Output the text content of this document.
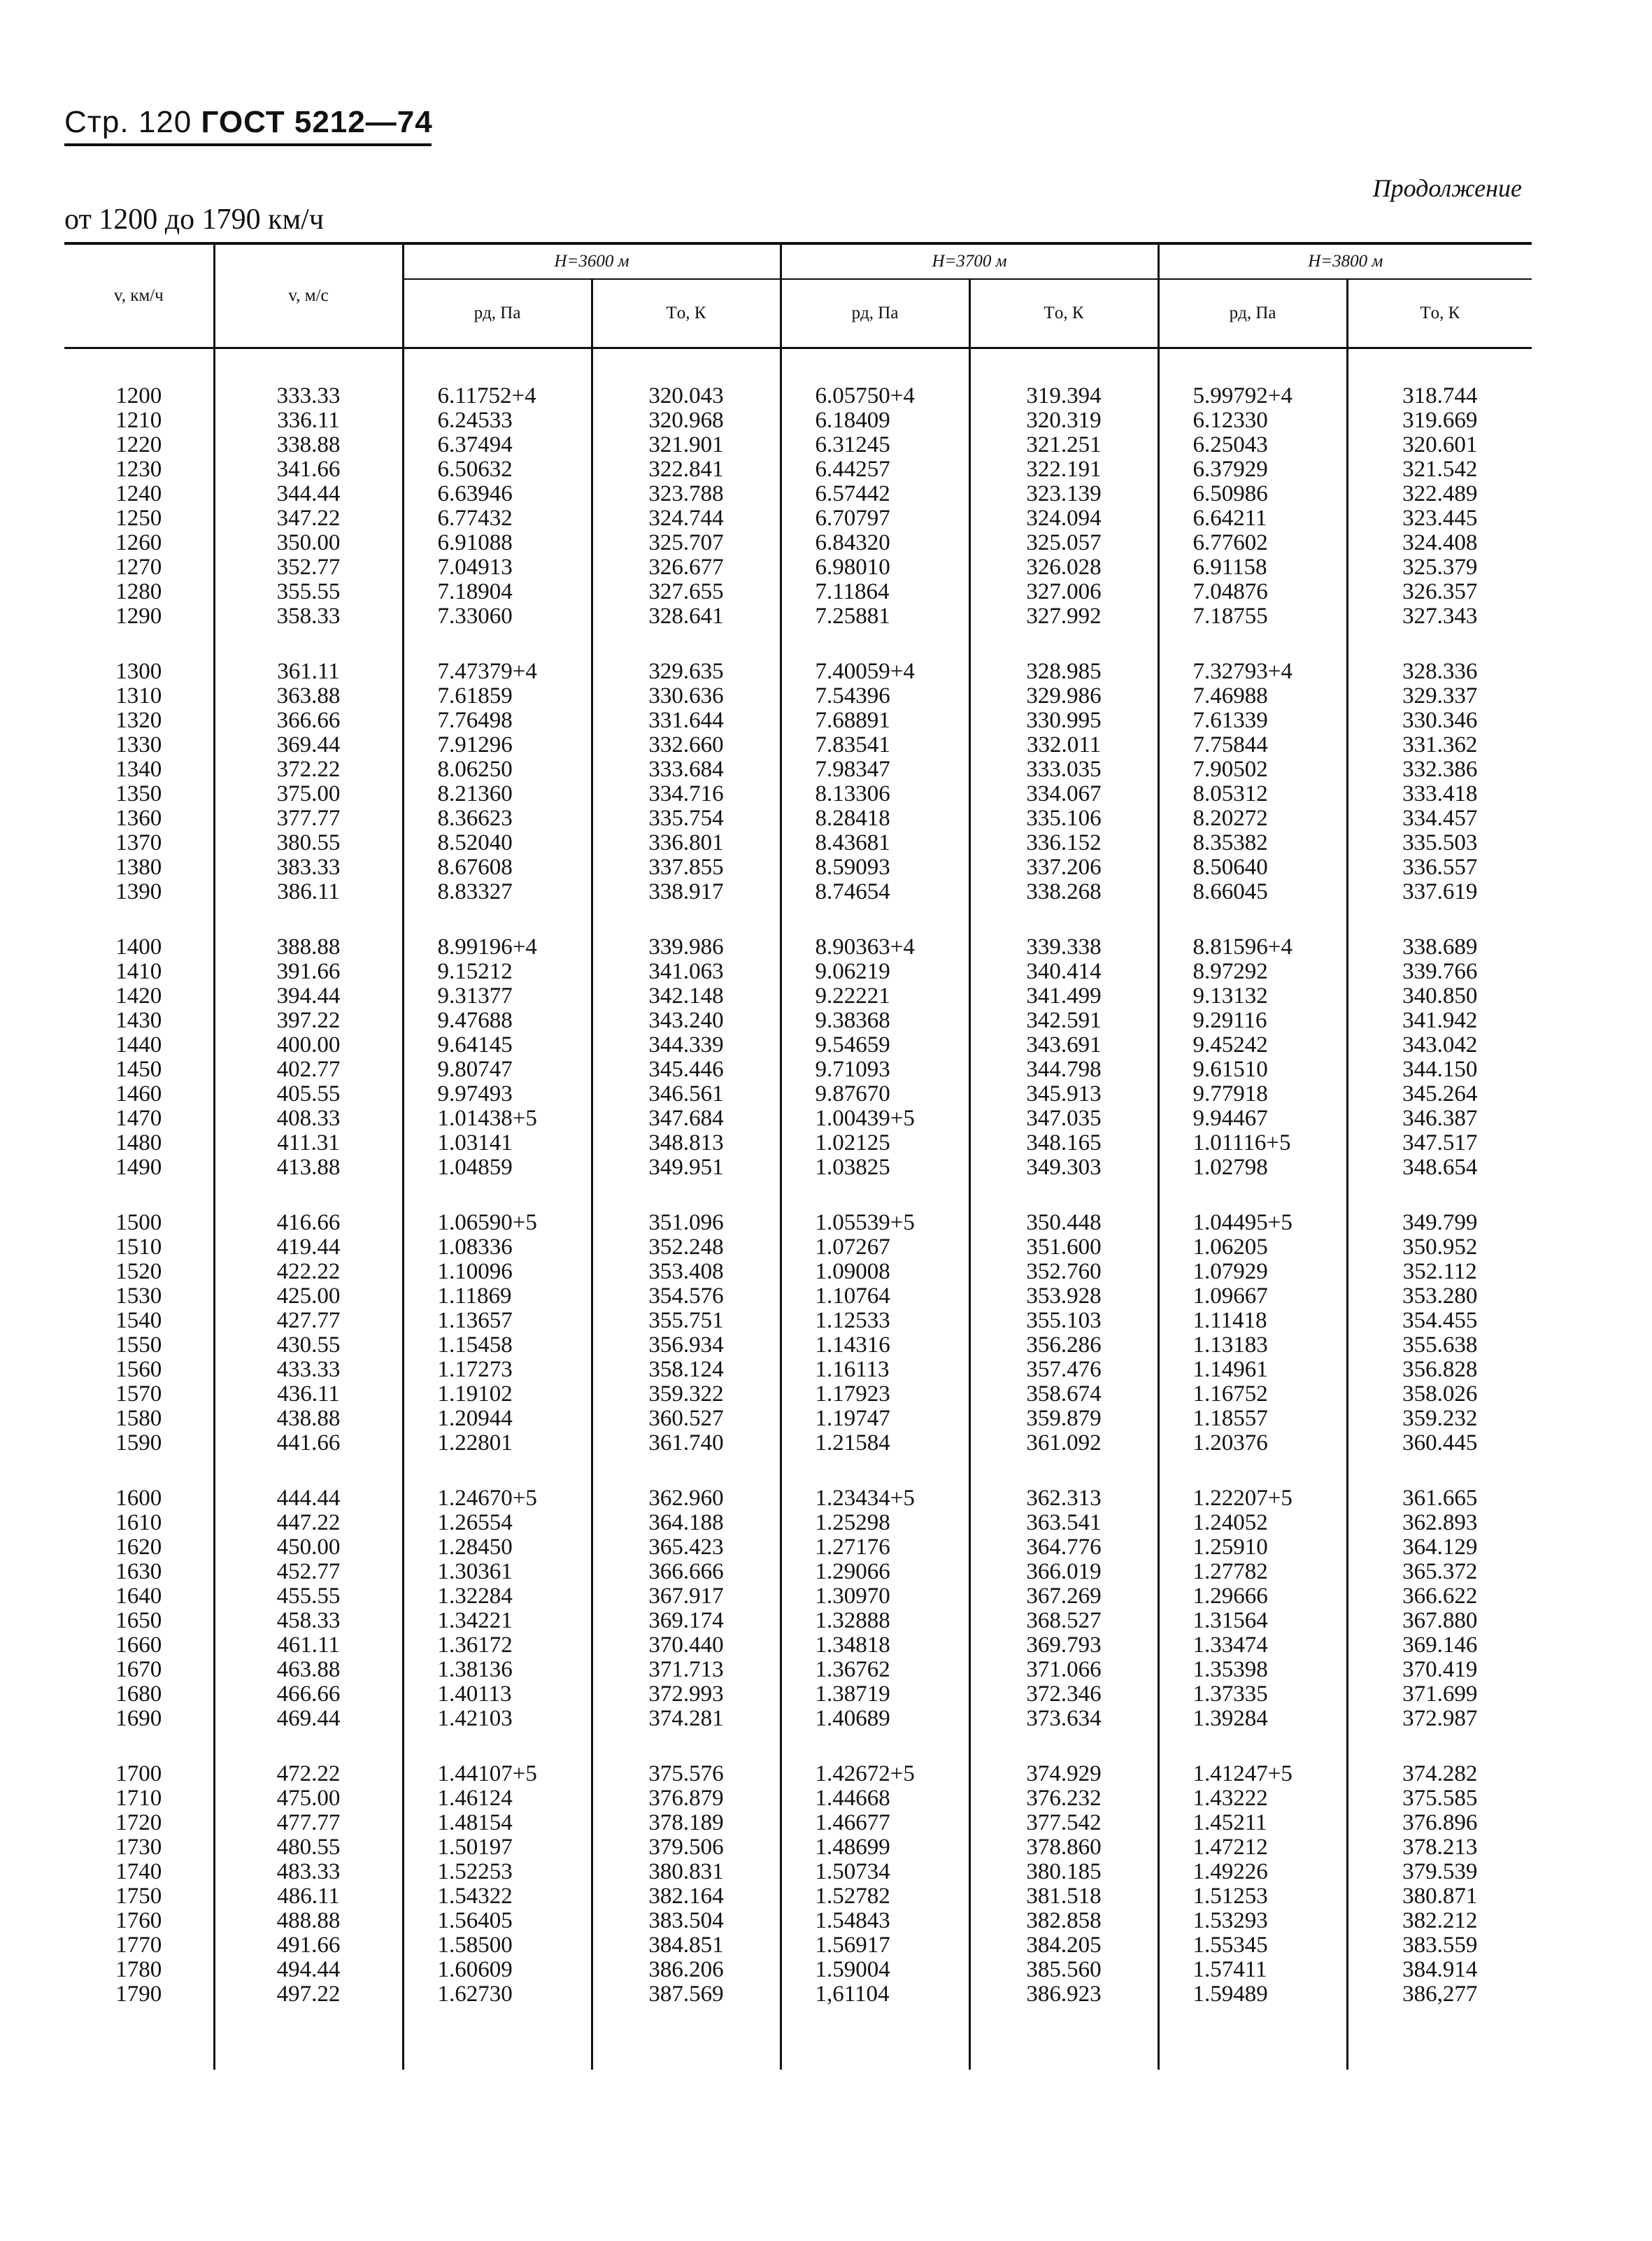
Стр. 120 ГОСТ 5212—74
Продолжение
от 1200 до 1790 км/ч
v, км/ч	v, м/с	H=3600 м		H=3700 м		H=3800 м	
		pд, Па	Tо, К	pд, Па	Tо, К	pд, Па	Tо, К

1200	333.33	6.11752+4	320.043	6.05750+4	319.394	5.99792+4	318.744
1210	336.11	6.24533	320.968	6.18409	320.319	6.12330	319.669
1220	338.88	6.37494	321.901	6.31245	321.251	6.25043	320.601
1230	341.66	6.50632	322.841	6.44257	322.191	6.37929	321.542
1240	344.44	6.63946	323.788	6.57442	323.139	6.50986	322.489
1250	347.22	6.77432	324.744	6.70797	324.094	6.64211	323.445
1260	350.00	6.91088	325.707	6.84320	325.057	6.77602	324.408
1270	352.77	7.04913	326.677	6.98010	326.028	6.91158	325.379
1280	355.55	7.18904	327.655	7.11864	327.006	7.04876	326.357
1290	358.33	7.33060	328.641	7.25881	327.992	7.18755	327.343

1300	361.11	7.47379+4	329.635	7.40059+4	328.985	7.32793+4	328.336
1310	363.88	7.61859	330.636	7.54396	329.986	7.46988	329.337
1320	366.66	7.76498	331.644	7.68891	330.995	7.61339	330.346
1330	369.44	7.91296	332.660	7.83541	332.011	7.75844	331.362
1340	372.22	8.06250	333.684	7.98347	333.035	7.90502	332.386
1350	375.00	8.21360	334.716	8.13306	334.067	8.05312	333.418
1360	377.77	8.36623	335.754	8.28418	335.106	8.20272	334.457
1370	380.55	8.52040	336.801	8.43681	336.152	8.35382	335.503
1380	383.33	8.67608	337.855	8.59093	337.206	8.50640	336.557
1390	386.11	8.83327	338.917	8.74654	338.268	8.66045	337.619

1400	388.88	8.99196+4	339.986	8.90363+4	339.338	8.81596+4	338.689
1410	391.66	9.15212	341.063	9.06219	340.414	8.97292	339.766
1420	394.44	9.31377	342.148	9.22221	341.499	9.13132	340.850
1430	397.22	9.47688	343.240	9.38368	342.591	9.29116	341.942
1440	400.00	9.64145	344.339	9.54659	343.691	9.45242	343.042
1450	402.77	9.80747	345.446	9.71093	344.798	9.61510	344.150
1460	405.55	9.97493	346.561	9.87670	345.913	9.77918	345.264
1470	408.33	1.01438+5	347.684	1.00439+5	347.035	9.94467	346.387
1480	411.31	1.03141	348.813	1.02125	348.165	1.01116+5	347.517
1490	413.88	1.04859	349.951	1.03825	349.303	1.02798	348.654

1500	416.66	1.06590+5	351.096	1.05539+5	350.448	1.04495+5	349.799
1510	419.44	1.08336	352.248	1.07267	351.600	1.06205	350.952
1520	422.22	1.10096	353.408	1.09008	352.760	1.07929	352.112
1530	425.00	1.11869	354.576	1.10764	353.928	1.09667	353.280
1540	427.77	1.13657	355.751	1.12533	355.103	1.11418	354.455
1550	430.55	1.15458	356.934	1.14316	356.286	1.13183	355.638
1560	433.33	1.17273	358.124	1.16113	357.476	1.14961	356.828
1570	436.11	1.19102	359.322	1.17923	358.674	1.16752	358.026
1580	438.88	1.20944	360.527	1.19747	359.879	1.18557	359.232
1590	441.66	1.22801	361.740	1.21584	361.092	1.20376	360.445

1600	444.44	1.24670+5	362.960	1.23434+5	362.313	1.22207+5	361.665
1610	447.22	1.26554	364.188	1.25298	363.541	1.24052	362.893
1620	450.00	1.28450	365.423	1.27176	364.776	1.25910	364.129
1630	452.77	1.30361	366.666	1.29066	366.019	1.27782	365.372
1640	455.55	1.32284	367.917	1.30970	367.269	1.29666	366.622
1650	458.33	1.34221	369.174	1.32888	368.527	1.31564	367.880
1660	461.11	1.36172	370.440	1.34818	369.793	1.33474	369.146
1670	463.88	1.38136	371.713	1.36762	371.066	1.35398	370.419
1680	466.66	1.40113	372.993	1.38719	372.346	1.37335	371.699
1690	469.44	1.42103	374.281	1.40689	373.634	1.39284	372.987

1700	472.22	1.44107+5	375.576	1.42672+5	374.929	1.41247+5	374.282
1710	475.00	1.46124	376.879	1.44668	376.232	1.43222	375.585
1720	477.77	1.48154	378.189	1.46677	377.542	1.45211	376.896
1730	480.55	1.50197	379.506	1.48699	378.860	1.47212	378.213
1740	483.33	1.52253	380.831	1.50734	380.185	1.49226	379.539
1750	486.11	1.54322	382.164	1.52782	381.518	1.51253	380.871
1760	488.88	1.56405	383.504	1.54843	382.858	1.53293	382.212
1770	491.66	1.58500	384.851	1.56917	384.205	1.55345	383.559
1780	494.44	1.60609	386.206	1.59004	385.560	1.57411	384.914
1790	497.22	1.62730	387.569	1,61104	386.923	1.59489	386,277
